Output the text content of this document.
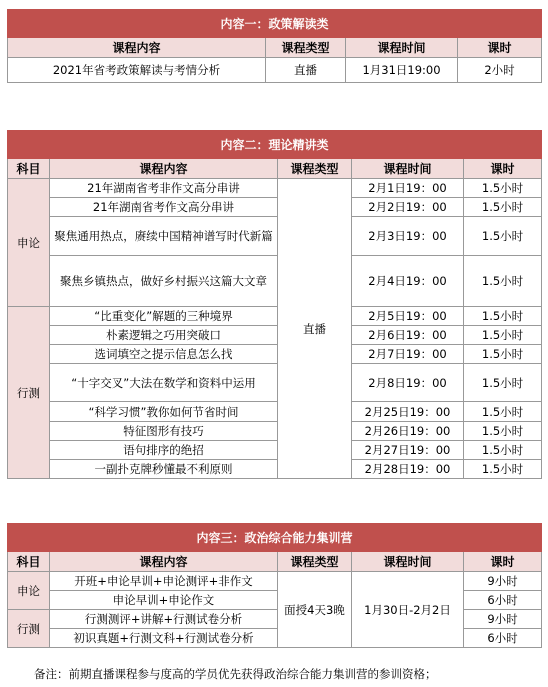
内容一：政策解读类			
课程内容	课程类型	课程时间	课时
2021年省考政策解读与考情分析	直播	1月31日19:00	2小时
内容二：理论精讲类				
科目	课程内容	课程类型	课程时间	课时
申论	21年湖南省考非作文高分串讲	直播	2月1日19：00	1.5小时
	21年湖南省考作文高分串讲		2月2日19：00	1.5小时
	聚焦通用热点，赓续中国精神谱写时代新篇		2月3日19：00	1.5小时
	聚焦乡镇热点，做好乡村振兴这篇大文章		2月4日19：00	1.5小时
行测	“比重变化”解题的三种境界		2月5日19：00	1.5小时
	朴素逻辑之巧用突破口		2月6日19：00	1.5小时
	选词填空之提示信息怎么找		2月7日19：00	1.5小时
	“十字交叉”大法在数学和资料中运用		2月8日19：00	1.5小时
	“科学习惯”教你如何节省时间		2月25日19：00	1.5小时
	特征图形有技巧		2月26日19：00	1.5小时
	语句排序的绝招		2月27日19：00	1.5小时
	一副扑克牌秒懂最不利原则		2月28日19：00	1.5小时
内容三：政治综合能力集训营				
科目	课程内容	课程类型	课程时间	课时
申论	开班+申论早训+申论测评+非作文	面授4天3晚	1月30日-2月2日	9小时
	申论早训+申论作文			6小时
行测	行测测评+讲解+行测试卷分析			9小时
	初识真题+行测文科+行测试卷分析			6小时
备注：前期直播课程参与度高的学员优先获得政治综合能力集训营的参训资格；
